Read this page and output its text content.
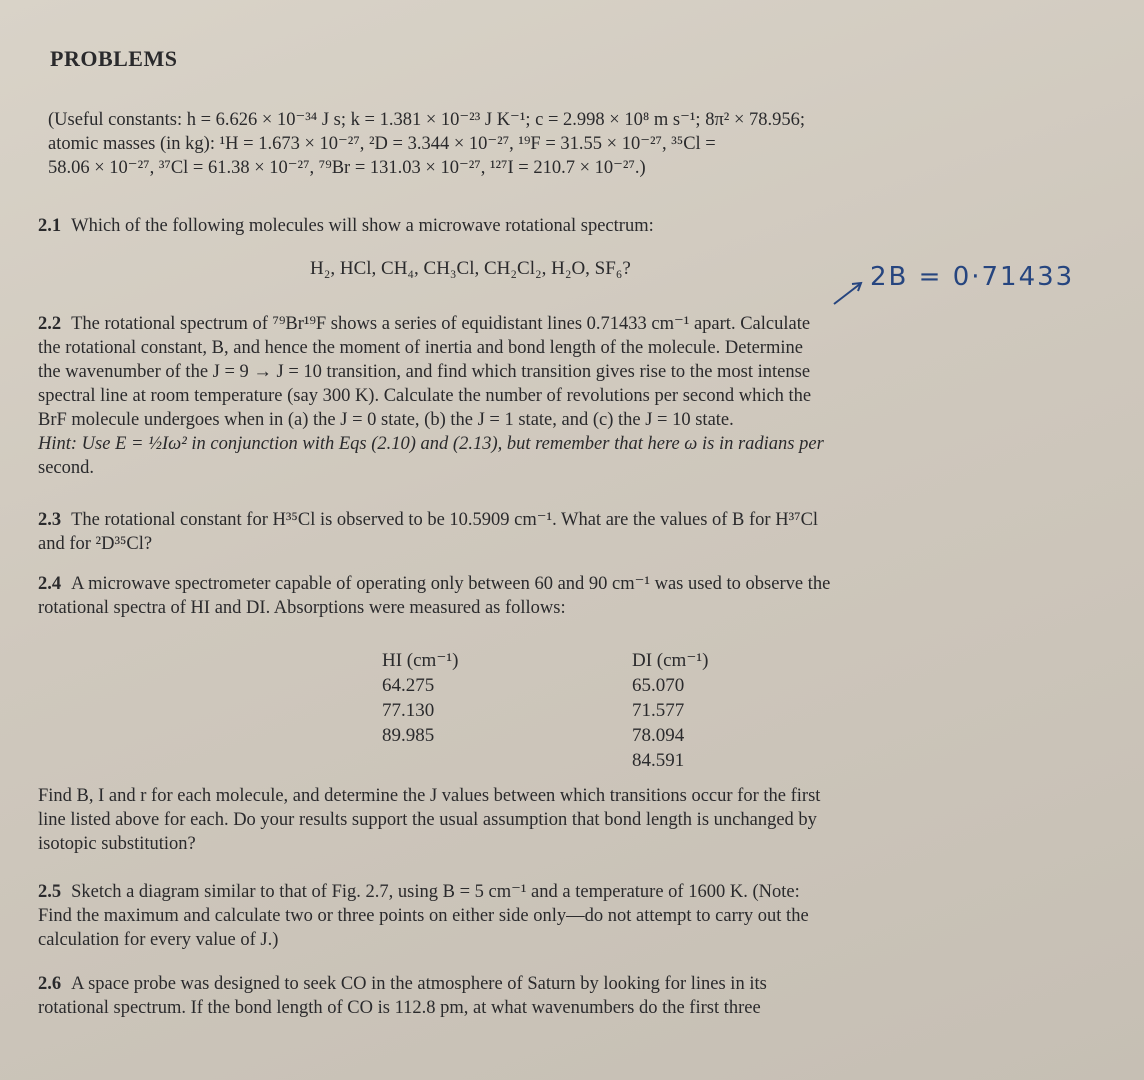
PROBLEMS
(Useful constants: h = 6.626 × 10⁻³⁴ J s; k = 1.381 × 10⁻²³ J K⁻¹; c = 2.998 × 10⁸ m s⁻¹; 8π² × 78.956;
atomic masses (in kg): ¹H = 1.673 × 10⁻²⁷, ²D = 3.344 × 10⁻²⁷, ¹⁹F = 31.55 × 10⁻²⁷, ³⁵Cl =
58.06 × 10⁻²⁷, ³⁷Cl = 61.38 × 10⁻²⁷, ⁷⁹Br = 131.03 × 10⁻²⁷, ¹²⁷I = 210.7 × 10⁻²⁷.)
2.1 Which of the following molecules will show a microwave rotational spectrum:
H₂, HCl, CH₄, CH₃Cl, CH₂Cl₂, H₂O, SF₆?	2B = 0·71433
2.2 The rotational spectrum of ⁷⁹Br¹⁹F shows a series of equidistant lines 0.71433 cm⁻¹ apart. Calculate
the rotational constant, B, and hence the moment of inertia and bond length of the molecule. Determine
the wavenumber of the J = 9 → J = 10 transition, and find which transition gives rise to the most intense
spectral line at room temperature (say 300 K). Calculate the number of revolutions per second which the
BrF molecule undergoes when in (a) the J = 0 state, (b) the J = 1 state, and (c) the J = 10 state.
Hint: Use E = ½Iω² in conjunction with Eqs (2.10) and (2.13), but remember that here ω is in radians per
second.
2.3 The rotational constant for H³⁵Cl is observed to be 10.5909 cm⁻¹. What are the values of B for H³⁷Cl
and for ²D³⁵Cl?
2.4 A microwave spectrometer capable of operating only between 60 and 90 cm⁻¹ was used to observe the
rotational spectra of HI and DI. Absorptions were measured as follows:
HI (cm⁻¹)
64.275
77.130
89.985
DI (cm⁻¹)
65.070
71.577
78.094
84.591
Find B, I and r for each molecule, and determine the J values between which transitions occur for the first
line listed above for each. Do your results support the usual assumption that bond length is unchanged by
isotopic substitution?
2.5 Sketch a diagram similar to that of Fig. 2.7, using B = 5 cm⁻¹ and a temperature of 1600 K. (Note:
Find the maximum and calculate two or three points on either side only—do not attempt to carry out the
calculation for every value of J.)
2.6 A space probe was designed to seek CO in the atmosphere of Saturn by looking for lines in its
rotational spectrum. If the bond length of CO is 112.8 pm, at what wavenumbers do the first three
